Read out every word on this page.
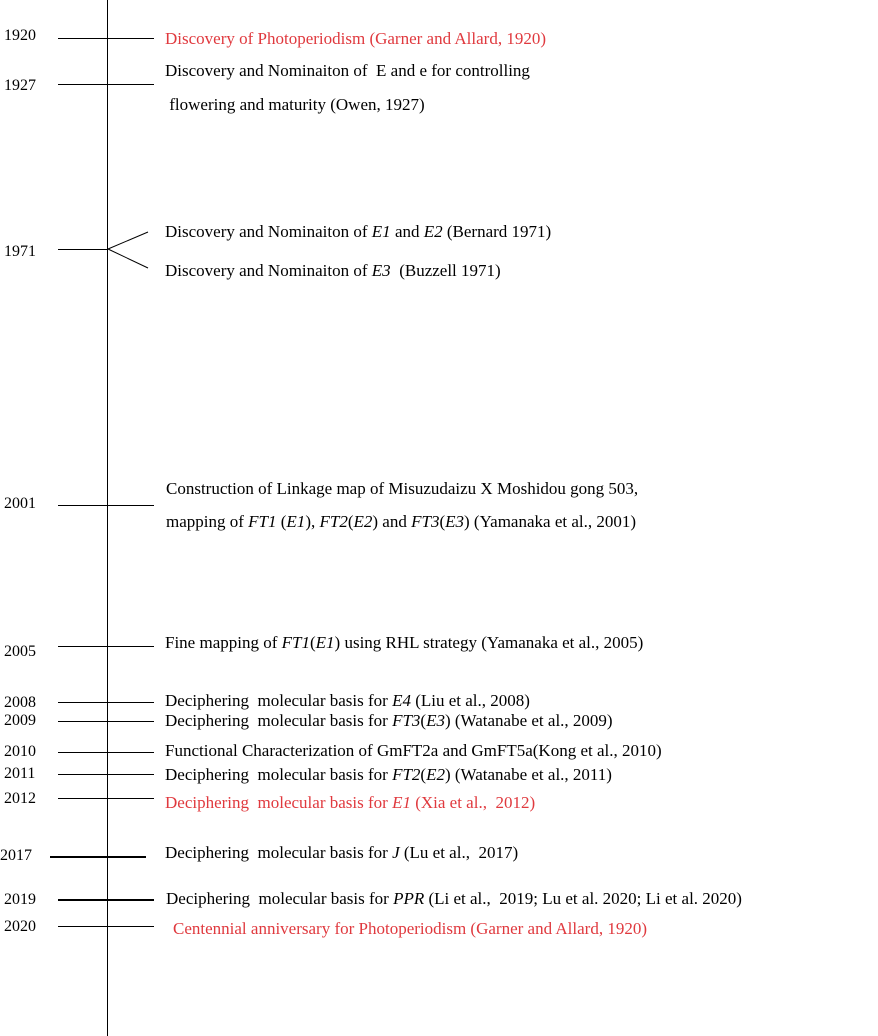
1920	Discovery of Photoperiodism (Garner and Allard, 1920)
1927
Discovery and Nominaiton of  E and e for controlling
flowering and maturity (Owen, 1927)
1971
Discovery and Nominaiton of E1 and E2 (Bernard 1971)
Discovery and Nominaiton of E3  (Buzzell 1971)
2001
Construction of Linkage map of Misuzudaizu X Moshidou gong 503,
mapping of FT1 (E1), FT2(E2) and FT3(E3) (Yamanaka et al., 2001)
2005	Fine mapping of FT1(E1) using RHL strategy (Yamanaka et al., 2005)
2008	Deciphering  molecular basis for E4 (Liu et al., 2008)
2009	Deciphering  molecular basis for FT3(E3) (Watanabe et al., 2009)
2010	Functional Characterization of GmFT2a and GmFT5a(Kong et al., 2010)
2011	Deciphering  molecular basis for FT2(E2) (Watanabe et al., 2011)
2012	Deciphering  molecular basis for E1 (Xia et al.,  2012)
2017	Deciphering  molecular basis for J (Lu et al.,  2017)
2019	Deciphering  molecular basis for PPR (Li et al.,  2019; Lu et al. 2020; Li et al. 2020)
2020	Centennial anniversary for Photoperiodism (Garner and Allard, 1920)
